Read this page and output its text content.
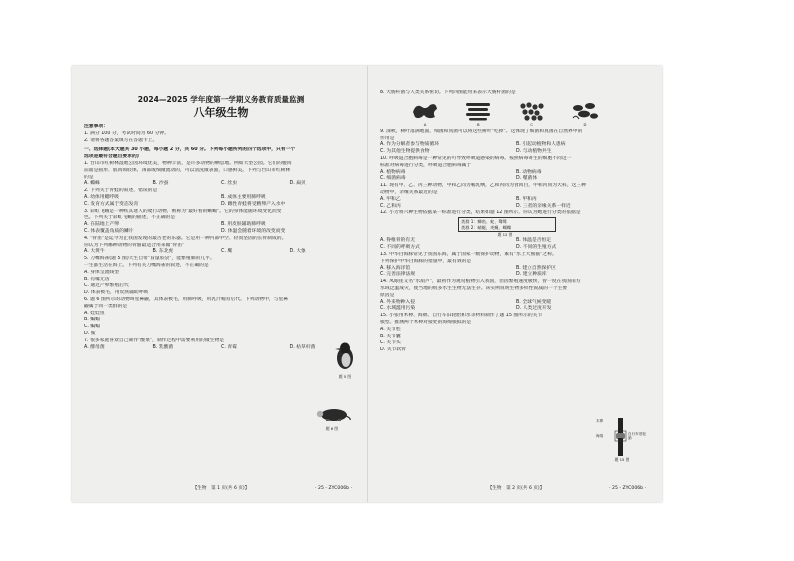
2024—2025 学年度第一学期义务教育质量监测
八年级生物
注意事项：
1. 满分 100 分，考试时间为 60 分钟。
2. 请将各题答案填写在答题卡上。
一、选择题(本大题共 30 小题，每小题 2 分，共 60 分。下列每小题所列的四个选项中，只有一个
选项是最符合题目要求的)
1. 台山市红树林湿地公园环境优美，物种丰富，是许多动物的栖息地。例如大型公园。它们的腹肉
前面是圆形、肌肉如肢体，颈部或细微流动的，可以清洗微表面，口感鲜美。下列与台山市红树林
的是
A. 蜘蛛	B. 沙蚕	C. 丝虫	D. 扁贝
2. 下列关于青蛙的叙述，错误的是
A. 幼体用鳃呼吸	B. 成体主要用肺呼吸
C. 发育方式属于变态发育	D. 雌性青蛙将受精卵产入水中
3. 彩虹飞蛾是一种疾其迷人的爬行动物，被称为"最好看的蜥蜴"。它的身体能随环境变化而变
色。下列关于彩虹飞蛾的描述，不正确的是
A. 在陆地上产卵	B. 用皮肤辅助肺呼吸
C. 体表覆盖角质的鳞片	D. 体温会随着环境的改变而变
4. "骨笛"是迄今为止我国发现的最古老的乐器。它是用一种内部中空、轻而坚固的长骨制成的。
你认为下列哪种动物的骨骼最适合用来做"骨笛"
A. 大黄牛	B. 东北虎	C. 鹰	D. 大象
5. 刀嘴海雀(题 5 图)天生自带"盲鼠胶袋"，能繁殖肺的几乎。
一生都生活在海上。下列有关刀嘴海雀的叙述，不正确的是
A. 身体呈流线型
B. 有喙无齿
C. 通过产卵繁殖后代
D. 体表被毛，用皮肤辅助呼吸
6. 题 6 图所示的动物叫星鼻鼹，其体表被毛，用肺呼吸，用乳汁哺育后代。下列动物中，与星鼻
鼹属于同一类群的是
A. 娃娃鱼
B. 蝙蝠
C. 蝙蝠
D. 鲨
7. 很多家庭喜欢自己制作"酸菜"，制作过程中需要利用的微生物是
A. 酵母菌	B. 乳酸菌	C. 青霉	D. 枯草杆菌
题 5 图
题 6 图
【生物　第 1 页(共 6 页)】	· 25 - ZYC006b ·
8. 大肠杆菌与人类关系密切。下列四图能用来表示大肠杆菌的是
A	B	C	D
9. 深秋，树叶落满地面，细菌和真菌可以将这些树叶"吃掉"。这体现了细菌和真菌在自然界中的
作用是
A. 作为分解者参与物质循环	B. 引起动植物和人患病
C. 为其他生物提供食物	D. 与动植物共生
10. 呼吸道合胞病毒是一种常见的可导致呼吸道感染的病毒。按照病毒寄生的细胞不同这一
标准对病毒进行分类，呼吸道合胞病毒属于
A. 植物病毒	B. 动物病毒
C. 细菌病毒	D. 噬菌体
11. 现有甲、乙、丙三种动物，甲和乙同为哺乳纲，乙和丙同为食肉目，甲和丙同为犬科。这三种
动物中，亲缘关系最近的是
A. 甲和乙	B. 甲和丙
C. 乙和丙	D. 三者的亲缘关系一样近
12. 小芳将六种生物依据某一标准进行分类，结果如题 12 图所示，你认为她进行分类的依据是
类群 1：鲫鱼、蛇、鹭鸶
类群 2：蜻蜓、麦蝇、蝴蝶
题 12 图
A. 脊椎骨的有无	B. 体温是否恒定
C. 不同的呼吸方式	D. 不同的生殖方式
13. 中华白海豚常见于我国东海，属于国家一级保护动物，素有"水上大熊猫"之称。
下列保护中华白海豚的措施中，最有效的是
A. 移入海洋馆	B. 建立自然保护区
C. 完善法律法规	D. 建立种质库
14. 凤眼莲又名"水葫芦"，最初作为观赏植物引入我国，但因繁殖速度极快，曾一度在我国南方
水域泛滥成灾，使当地的很多水生生物无法生存。该实例说明生物多样性锐减的一个主要
原因是
A. 外来物种入侵	B. 全球气候变暖
C. 水域滥用污染	D. 人类过度开发
15. 小张用木棒、海绵、自行车旧轮胎和水等材料制作了题 15 图所示的关节
模型。推测两个木棒对接处的海绵模拟的是
A. 关节腔
B. 关节囊
C. 关节头
D. 关节软骨
木棒
海绵	自行车旧轮胎
题 15 图
【生物　第 2 页(共 6 页)】	· 25 - ZYC006b ·
